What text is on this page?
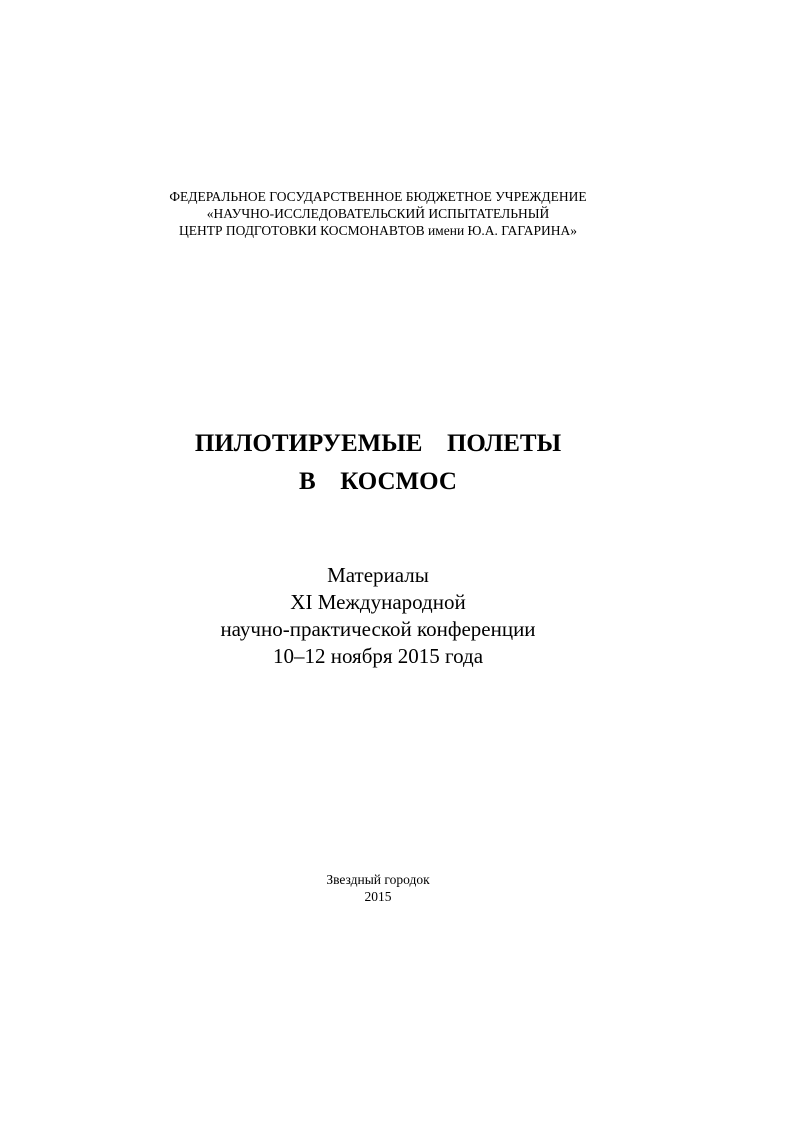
ФЕДЕРАЛЬНОЕ ГОСУДАРСТВЕННОЕ БЮДЖЕТНОЕ УЧРЕЖДЕНИЕ
«НАУЧНО-ИССЛЕДОВАТЕЛЬСКИЙ ИСПЫТАТЕЛЬНЫЙ
ЦЕНТР ПОДГОТОВКИ КОСМОНАВТОВ имени Ю.А. ГАГАРИНА»
ПИЛОТИРУЕМЫЕ  ПОЛЕТЫ
В  КОСМОС
Материалы
XI Международной
научно-практической конференции
10–12 ноября 2015 года
Звездный городок
2015
